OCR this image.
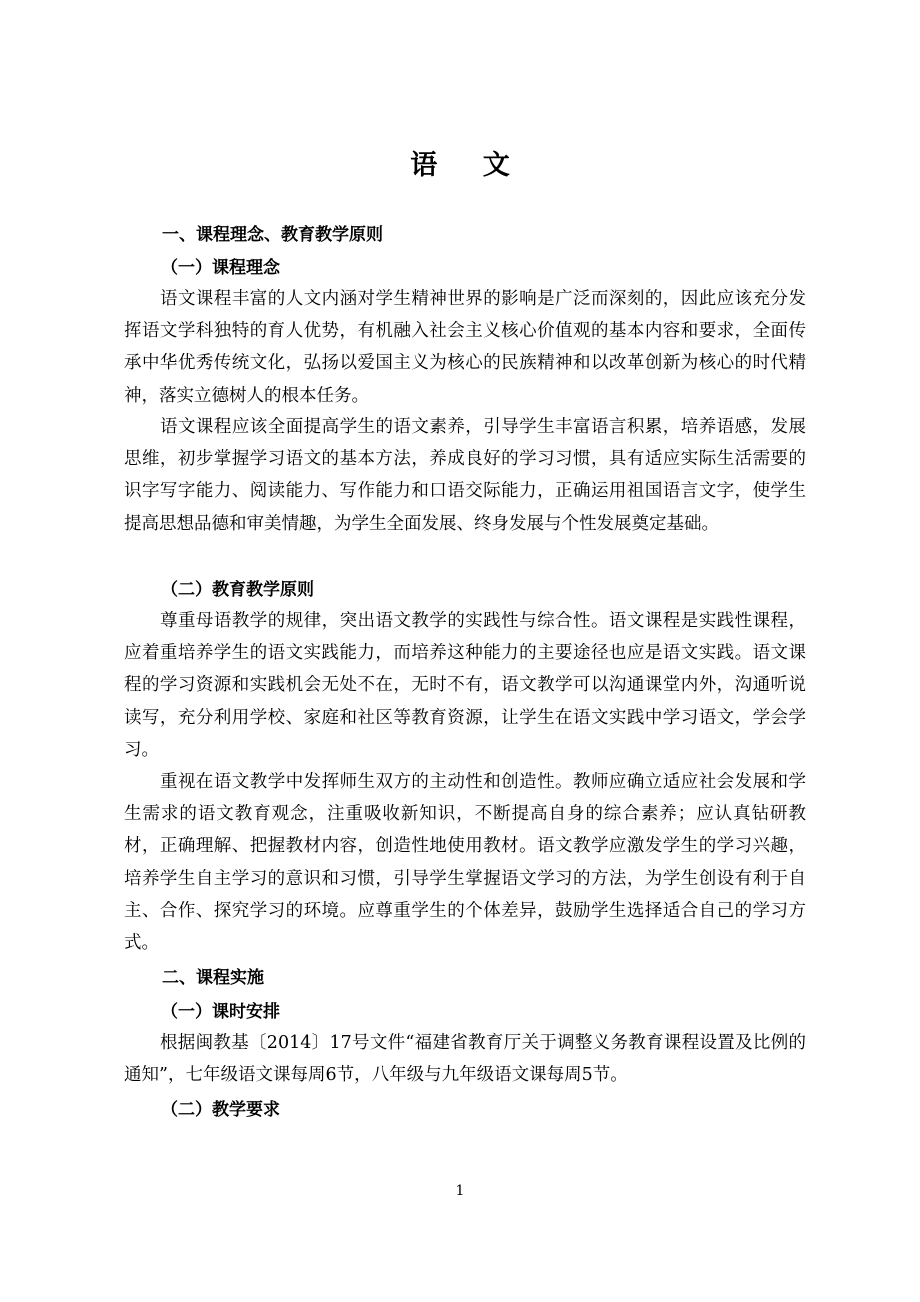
语 文
一、课程理念、教育教学原则
（一）课程理念

语文课程丰富的人文内涵对学生精神世界的影响是广泛而深刻的，因此应该充分发挥语文学科独特的育人优势，有机融入社会主义核心价值观的基本内容和要求，全面传承中华优秀传统文化，弘扬以爱国主义为核心的民族精神和以改革创新为核心的时代精神，落实立德树人的根本任务。

语文课程应该全面提高学生的语文素养，引导学生丰富语言积累，培养语感，发展思维，初步掌握学习语文的基本方法，养成良好的学习习惯，具有适应实际生活需要的识字写字能力、阅读能力、写作能力和口语交际能力，正确运用祖国语言文字，使学生提高思想品德和审美情趣，为学生全面发展、终身发展与个性发展奠定基础。

（二）教育教学原则

尊重母语教学的规律，突出语文教学的实践性与综合性。语文课程是实践性课程，应着重培养学生的语文实践能力，而培养这种能力的主要途径也应是语文实践。语文课程的学习资源和实践机会无处不在，无时不有，语文教学可以沟通课堂内外，沟通听说读写，充分利用学校、家庭和社区等教育资源，让学生在语文实践中学习语文，学会学习。

重视在语文教学中发挥师生双方的主动性和创造性。教师应确立适应社会发展和学生需求的语文教育观念，注重吸收新知识，不断提高自身的综合素养；应认真钻研教材，正确理解、把握教材内容，创造性地使用教材。语文教学应激发学生的学习兴趣，培养学生自主学习的意识和习惯，引导学生掌握语文学习的方法，为学生创设有利于自主、合作、探究学习的环境。应尊重学生的个体差异，鼓励学生选择适合自己的学习方式。

二、课程实施
（一）课时安排

根据闽教基〔2014〕17号文件“福建省教育厅关于调整义务教育课程设置及比例的通知”，七年级语文课每周6节，八年级与九年级语文课每周5节。

（二）教学要求
1
